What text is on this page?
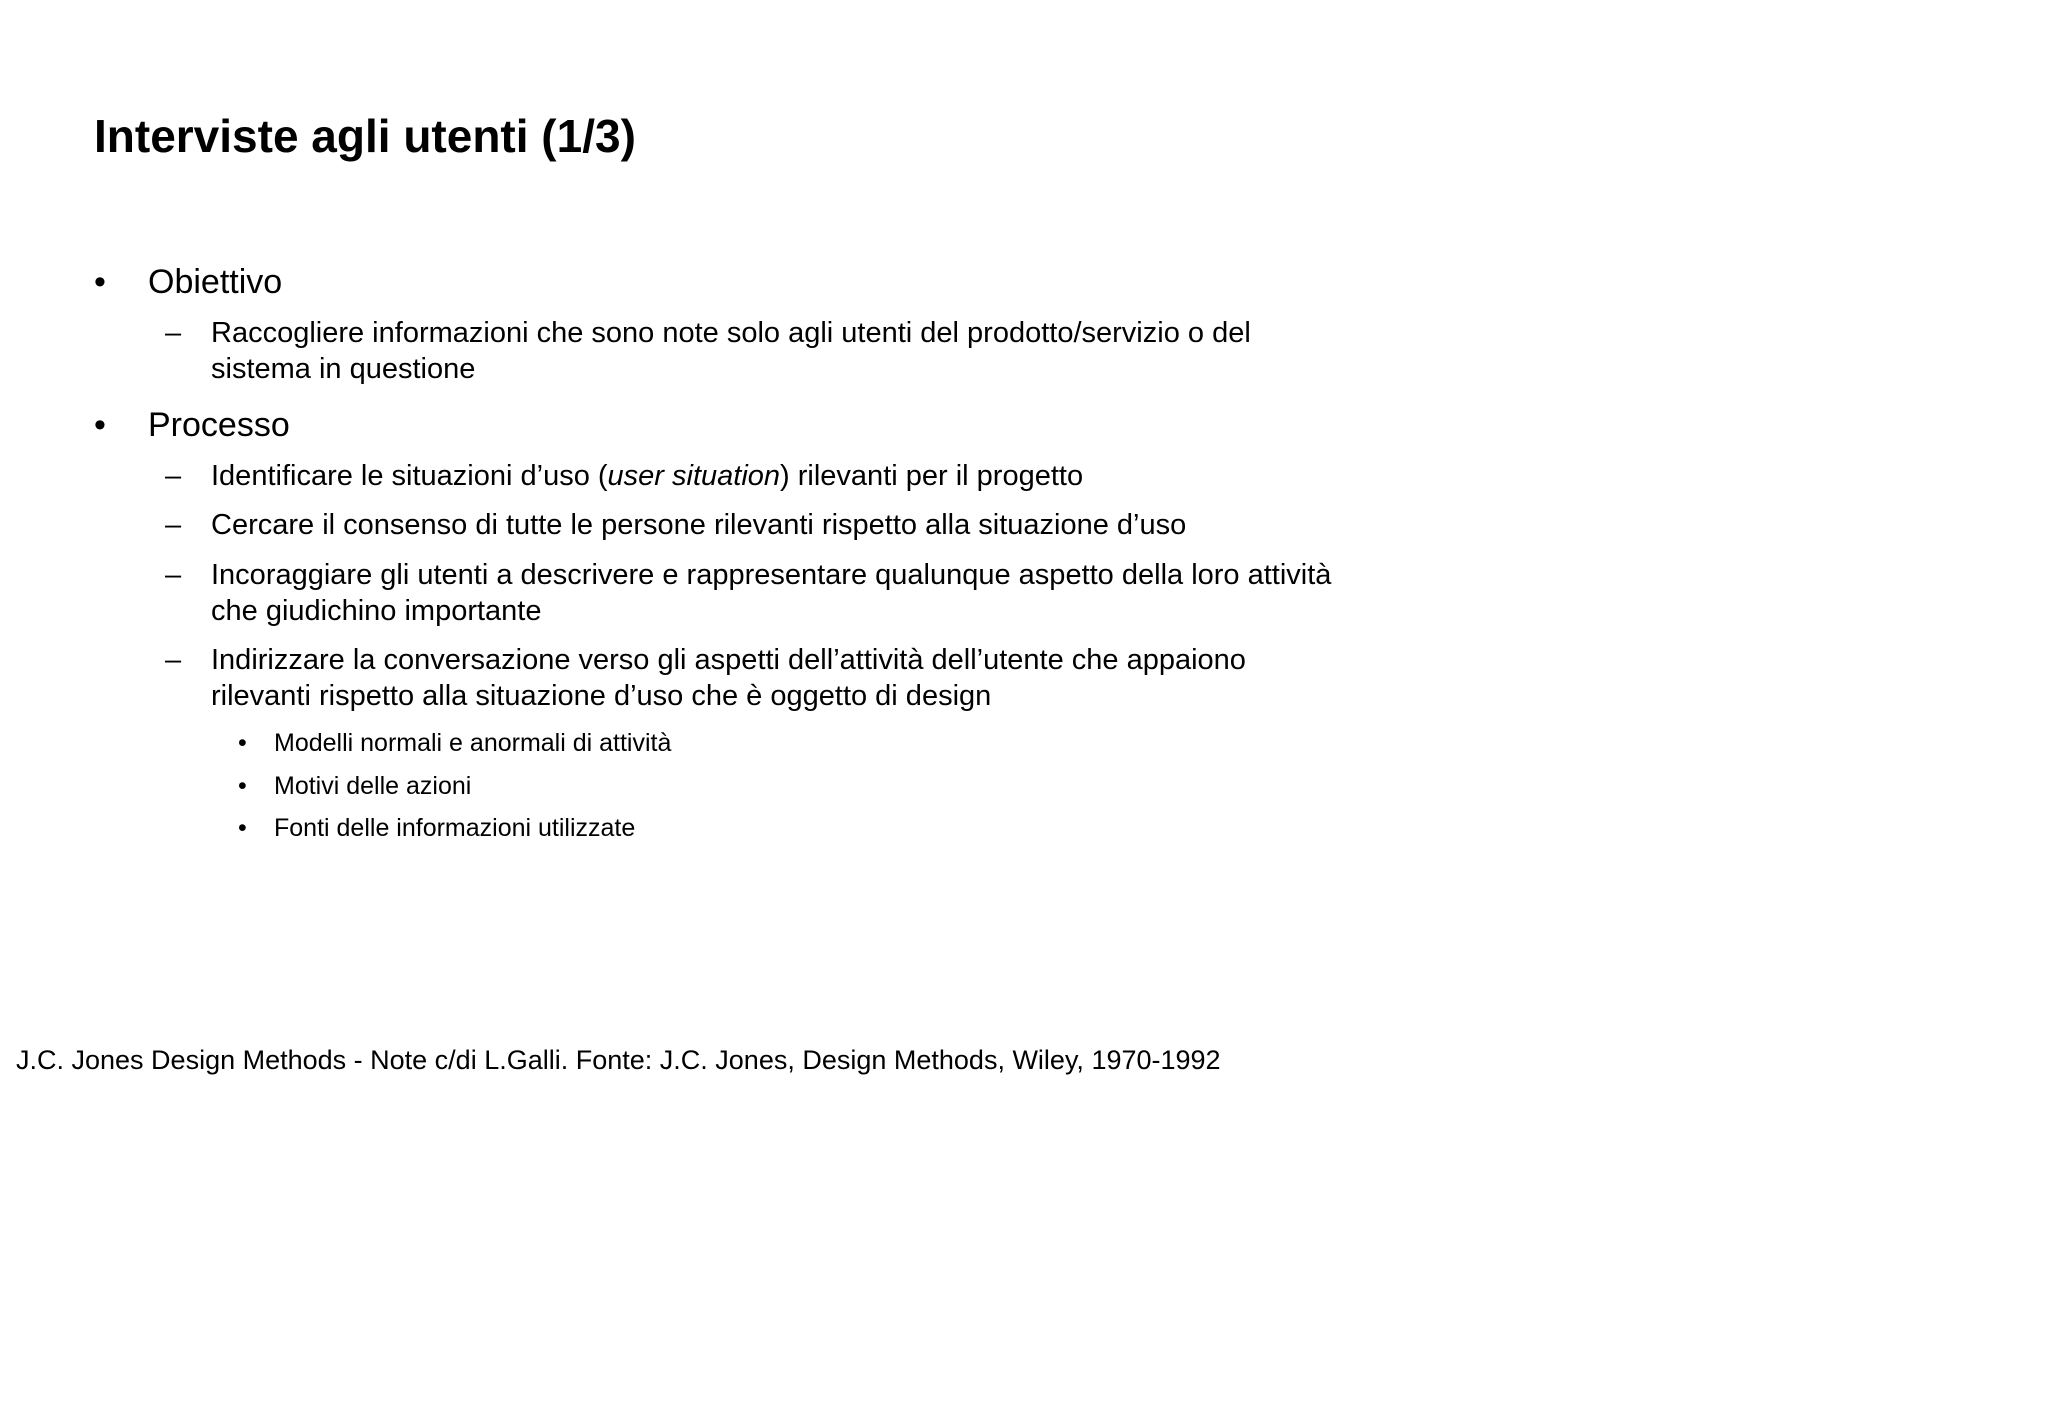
Interviste agli utenti (1/3)
• Obiettivo
– Raccogliere informazioni che sono note solo agli utenti del prodotto/servizio o del
sistema in questione
• Processo
– Identificare le situazioni d’uso (user situation) rilevanti per il progetto
– Cercare il consenso di tutte le persone rilevanti rispetto alla situazione d’uso
– Incoraggiare gli utenti a descrivere e rappresentare qualunque aspetto della loro attività
che giudichino importante
– Indirizzare la conversazione verso gli aspetti dell’attività dell’utente che appaiono
rilevanti rispetto alla situazione d’uso che è oggetto di design
• Modelli normali e anormali di attività
• Motivi delle azioni
• Fonti delle informazioni utilizzate
J.C. Jones Design Methods - Note c/di L.Galli. Fonte: J.C. Jones, Design Methods, Wiley, 1970-1992
